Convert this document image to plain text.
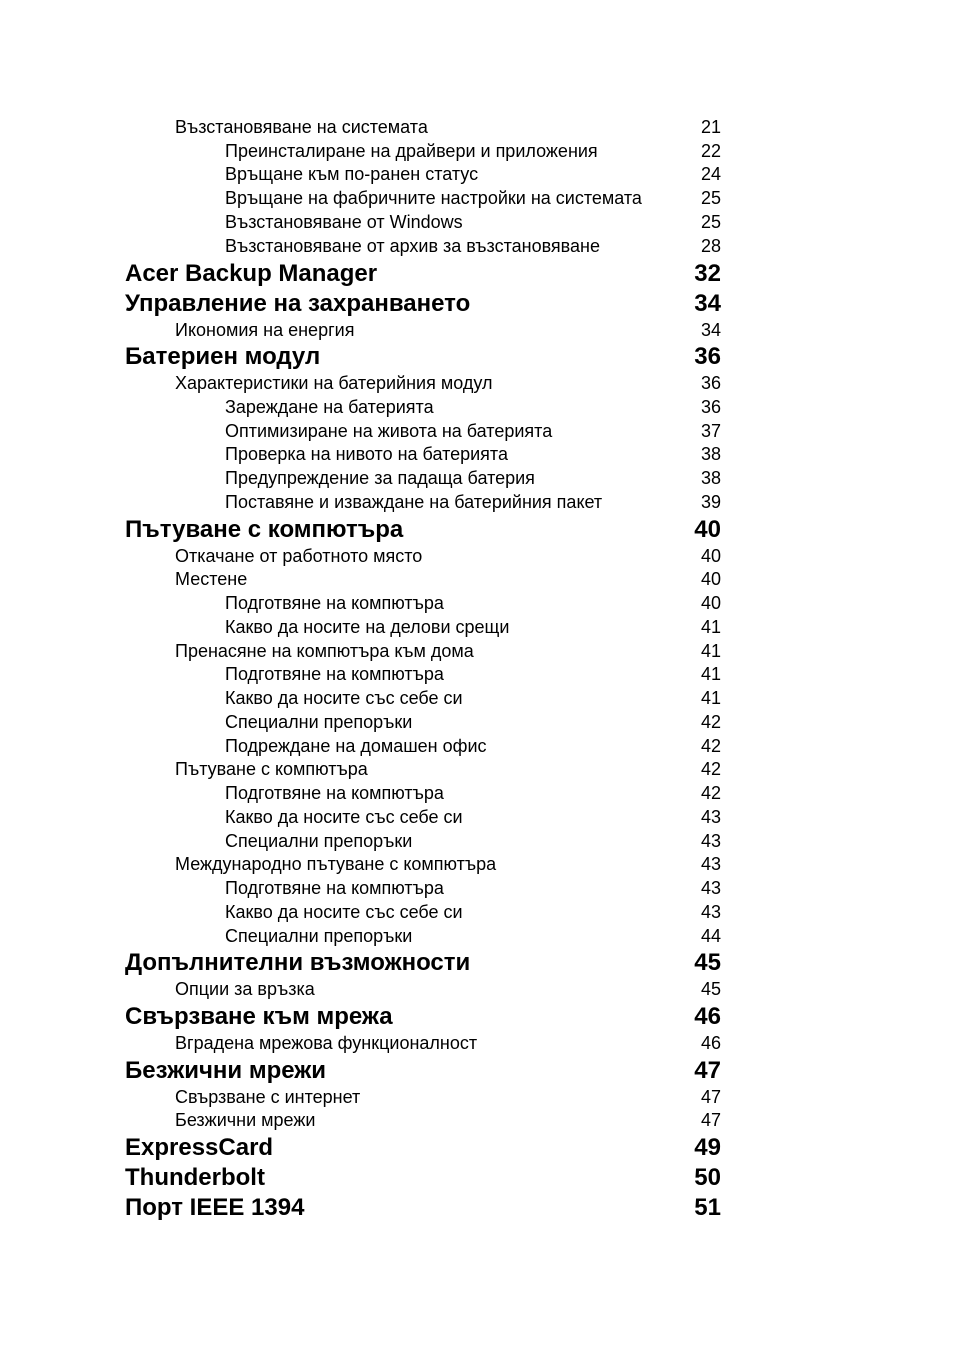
Възстановяване на системата	21
Преинсталиране на драйвери и приложения	22
Връщане към по-ранен статус	24
Връщане на фабричните настройки на системата	25
Възстановяване от Windows	25
Възстановяване от архив за възстановяване	28
Acer Backup Manager	32
Управление на захранването	34
Икономия на енергия	34
Батериен модул	36
Характеристики на батерийния модул	36
Зареждане на батерията	36
Оптимизиране на живота на батерията	37
Проверка на нивото на батерията	38
Предупреждение за падаща батерия	38
Поставяне и изваждане на батерийния пакет	39
Пътуване с компютъра	40
Откачане от работното място	40
Местене	40
Подготвяне на компютъра	40
Какво да носите на делови срещи	41
Пренасяне на компютъра към дома	41
Подготвяне на компютъра	41
Какво да носите със себе си	41
Специални препоръки	42
Подреждане на домашен офис	42
Пътуване с компютъра	42
Подготвяне на компютъра	42
Какво да носите със себе си	43
Специални препоръки	43
Международно пътуване с компютъра	43
Подготвяне на компютъра	43
Какво да носите със себе си	43
Специални препоръки	44
Допълнителни възможности	45
Опции за връзка	45
Свързване към мрежа	46
Вградена мрежова функционалност	46
Безжични мрежи	47
Свързване с интернет	47
Безжични мрежи	47
ExpressCard	49
Thunderbolt	50
Порт IEEE 1394	51
